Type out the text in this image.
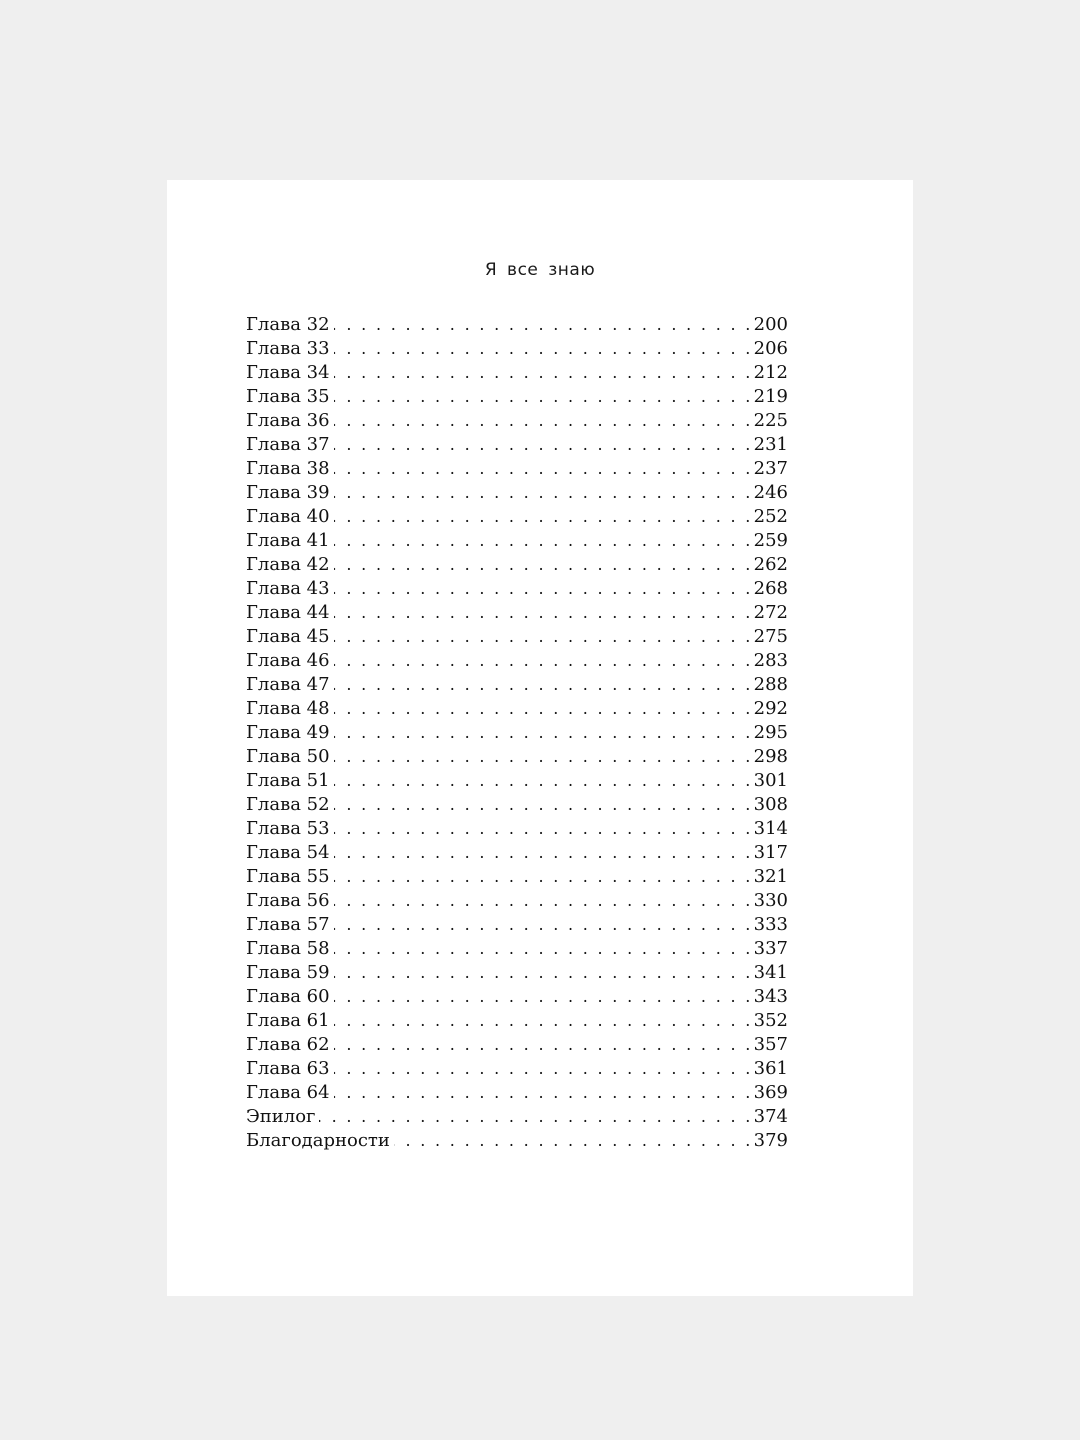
Я все знаю
Глава 32 . . .	200
Глава 33 . . .	206
Глава 34 . . .	212
Глава 35 . . .	219
Глава 36 . . .	225
Глава 37 . . .	231
Глава 38 . . .	237
Глава 39 . . .	246
Глава 40 . . .	252
Глава 41 . . .	259
Глава 42 . . .	262
Глава 43 . . .	268
Глава 44 . . .	272
Глава 45 . . .	275
Глава 46 . . .	283
Глава 47 . . .	288
Глава 48 . . .	292
Глава 49 . . .	295
Глава 50 . . .	298
Глава 51 . . .	301
Глава 52 . . .	308
Глава 53 . . .	314
Глава 54 . . .	317
Глава 55 . . .	321
Глава 56 . . .	330
Глава 57 . . .	333
Глава 58 . . .	337
Глава 59 . . .	341
Глава 60 . . .	343
Глава 61 . . .	352
Глава 62 . . .	357
Глава 63 . . .	361
Глава 64 . . .	369
Эпилог . . .	374
Благодарности . . .	379
